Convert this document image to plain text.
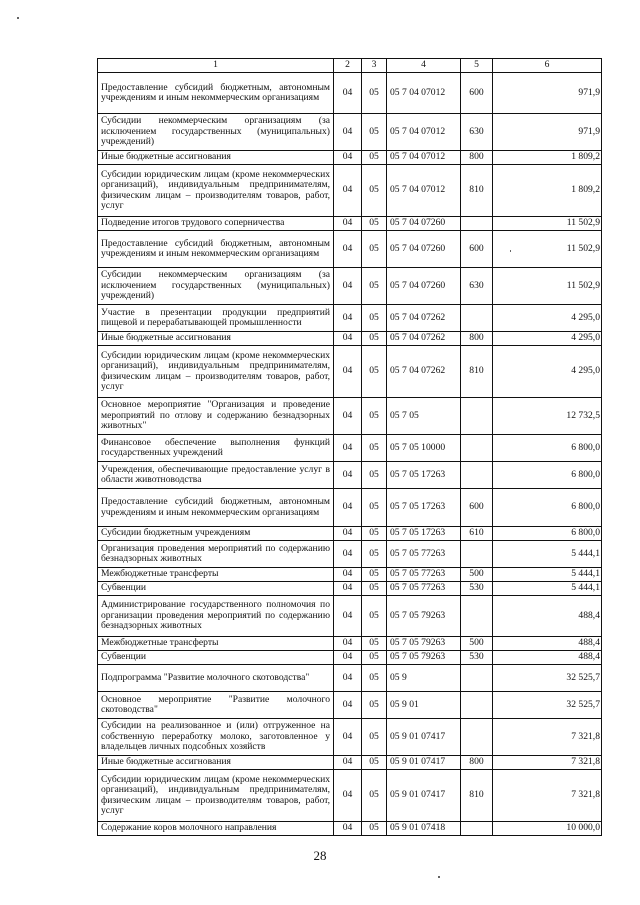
1	2	3	4	5	6
Предоставление субсидий бюджетным, автономным учреждениям и иным некоммерческим организациям	04	05	05 7 04 07012	600	971,9
Субсидии некоммерческим организациям (за исключением государственных (муниципальных) учреждений)	04	05	05 7 04 07012	630	971,9
Иные бюджетные ассигнования	04	05	05 7 04 07012	800	1 809,2
Субсидии юридическим лицам (кроме некоммерческих организаций), индивидуальным предпринимателям, физическим лицам – производителям товаров, работ, услуг	04	05	05 7 04 07012	810	1 809,2
Подведение итогов трудового соперничества	04	05	05 7 04 07260		11 502,9
Предоставление субсидий бюджетным, автономным учреждениям и иным некоммерческим организациям	04	05	05 7 04 07260	600	11 502,9
Субсидии некоммерческим организациям (за исключением государственных (муниципальных) учреждений)	04	05	05 7 04 07260	630	11 502,9
Участие в презентации продукции предприятий пищевой и перерабатывающей промышленности	04	05	05 7 04 07262		4 295,0
Иные бюджетные ассигнования	04	05	05 7 04 07262	800	4 295,0
Субсидии юридическим лицам (кроме некоммерческих организаций), индивидуальным предпринимателям, физическим лицам – производителям товаров, работ, услуг	04	05	05 7 04 07262	810	4 295,0
Основное мероприятие "Организация и проведение мероприятий по отлову и содержанию безнадзорных животных"	04	05	05 7 05		12 732,5
Финансовое обеспечение выполнения функций государственных учреждений	04	05	05 7 05 10000		6 800,0
Учреждения, обеспечивающие предоставление услуг в области животноводства	04	05	05 7 05 17263		6 800,0
Предоставление субсидий бюджетным, автономным учреждениям и иным некоммерческим организациям	04	05	05 7 05 17263	600	6 800,0
Субсидии бюджетным учреждениям	04	05	05 7 05 17263	610	6 800,0
Организация проведения мероприятий по содержанию безнадзорных животных	04	05	05 7 05 77263		5 444,1
Межбюджетные трансферты	04	05	05 7 05 77263	500	5 444,1
Субвенции	04	05	05 7 05 77263	530	5 444,1
Администрирование государственного полномочия по организации проведения мероприятий по содержанию безнадзорных животных	04	05	05 7 05 79263		488,4
Межбюджетные трансферты	04	05	05 7 05 79263	500	488,4
Субвенции	04	05	05 7 05 79263	530	488,4
Подпрограмма "Развитие молочного скотоводства"	04	05	05 9		32 525,7
Основное мероприятие "Развитие молочного скотоводства"	04	05	05 9 01		32 525,7
Субсидии на реализованное и (или) отгруженное на собственную переработку молоко, заготовленное у владельцев личных подсобных хозяйств	04	05	05 9 01 07417		7 321,8
Иные бюджетные ассигнования	04	05	05 9 01 07417	800	7 321,8
Субсидии юридическим лицам (кроме некоммерческих организаций), индивидуальным предпринимателям, физическим лицам – производителям товаров, работ, услуг	04	05	05 9 01 07417	810	7 321,8
Содержание коров молочного направления	04	05	05 9 01 07418		10 000,0
28
